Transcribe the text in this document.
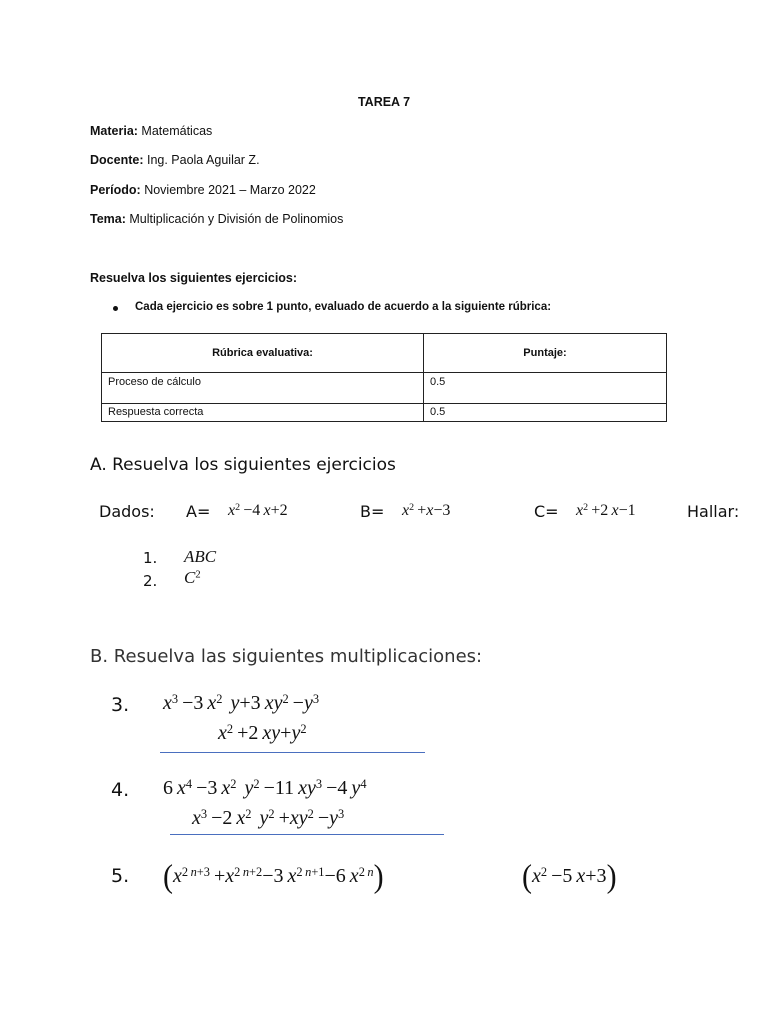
TAREA 7
Materia: Matemáticas
Docente: Ing. Paola Aguilar Z.
Período: Noviembre 2021 – Marzo 2022
Tema: Multiplicación y División de Polinomios
Resuelva los siguientes ejercicios:
Cada ejercicio es sobre 1 punto, evaluado de acuerdo a la siguiente rúbrica:
Rúbrica evaluativa:	Puntaje:
Proceso de cálculo	0.5
Respuesta correcta	0.5
A. Resuelva los siguientes ejercicios
Dados: $A= x^2 -4$ x+2	$B= x^2 +x-3$	$C= x^2 +2$ x−1	Hallar:
1. ABC
2. $C^2$
B. Resuelva las siguientes multiplicaciones:
3. $x^3 -3$ $x^2$   y+3 $xy^2 -y^3$
$x^2 +2$ $xy+y^2$
4. 6 $x^4 -3$ $x^2$   $y^2 -11$ $xy^3 -4$ $y^4$
$x^3 -2$ $x^2$   $y^2 +xy^2 -y^3$
5. ($x^{2 n+3} +x^{2 n+2}-3$ $x^{2 n+1}-6$ $x^{2 n}$)	($x^2 -5$ x+3)
